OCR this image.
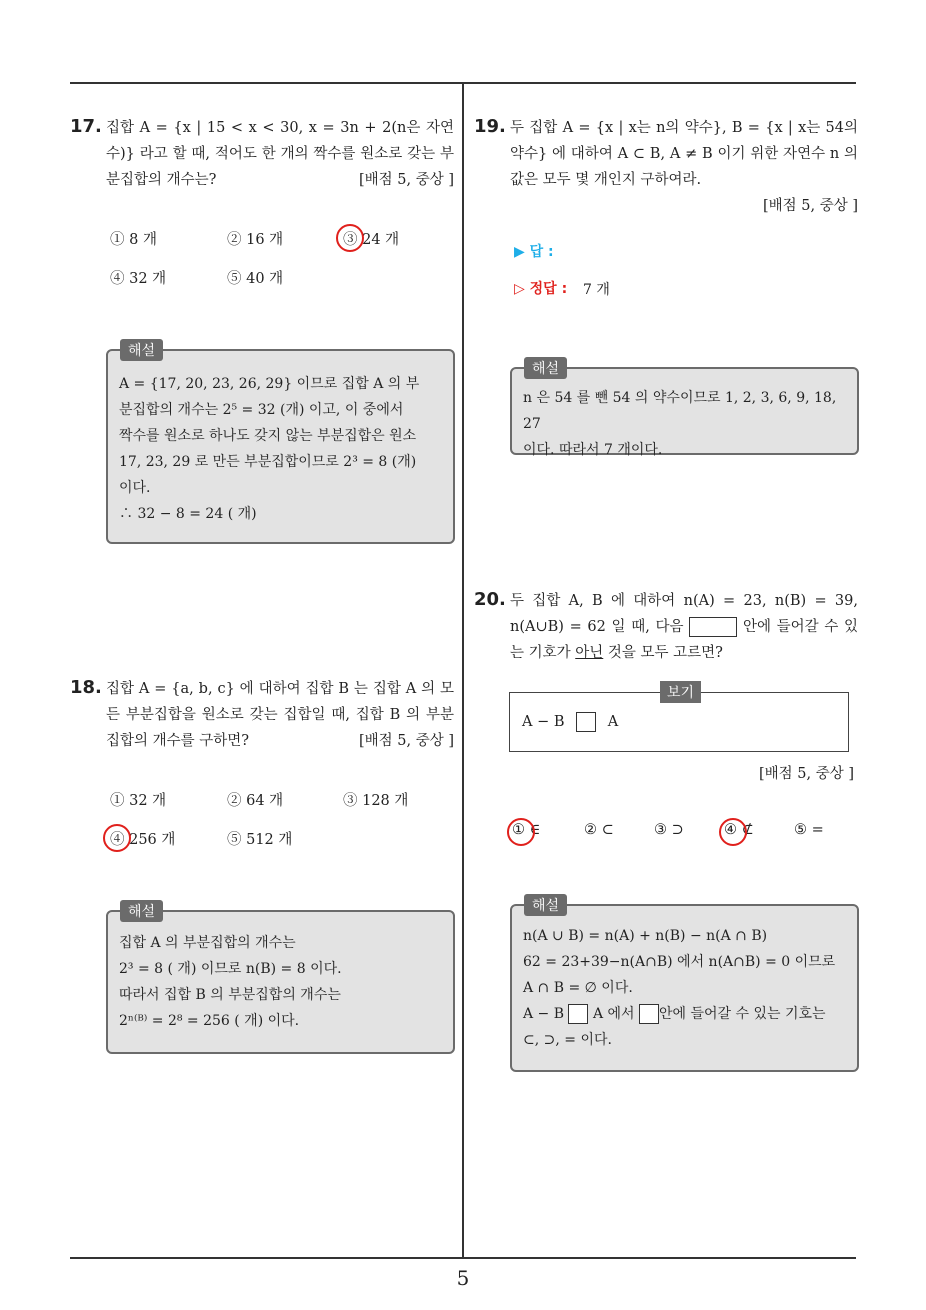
17. 집합 A = {x | 15 < x < 30, x = 3n + 2(n은 자연수)} 라고 할 때, 적어도 한 개의 짝수를 원소로 갖는 부분집합의 개수는?	[배점 5, 중상 ]
① 8 개	② 16 개	③ 24 개
④ 32 개	⑤ 40 개
해설
A = {17, 20, 23, 26, 29} 이므로 집합 A 의 부
분집합의 개수는 2⁵ = 32 (개) 이고, 이 중에서
짝수를 원소로 하나도 갖지 않는 부분집합은 원소
17, 23, 29 로 만든 부분집합이므로 2³ = 8 (개)
이다.
∴ 32 − 8 = 24 ( 개)
18. 집합 A = {a, b, c} 에 대하여 집합 B 는 집합 A 의 모든 부분집합을 원소로 갖는 집합일 때, 집합 B 의 부분집합의 개수를 구하면?	[배점 5, 중상 ]
① 32 개	② 64 개	③ 128 개
④ 256 개	⑤ 512 개
해설
집합 A 의 부분집합의 개수는
2³ = 8 ( 개) 이므로 n(B) = 8 이다.
따라서 집합 B 의 부분집합의 개수는
2ⁿ⁽ᴮ⁾ = 2⁸ = 256 ( 개) 이다.
19. 두 집합 A = {x | x는 n의 약수}, B = {x | x는 54의 약수} 에 대하여 A ⊂ B, A ≠ B 이기 위한 자연수 n 의 값은 모두 몇 개인지 구하여라.
[배점 5, 중상 ]
▶ 답 :
▷ 정답 : 7 개
해설
n 은 54 를 뺀 54 의 약수이므로 1, 2, 3, 6, 9, 18, 27
이다. 따라서 7 개이다.
20. 두 집합 A, B 에 대하여 n(A) = 23, n(B) = 39, n(A∪B) = 62 일 때, 다음	안에 들어갈 수 있는 기호가 아닌 것을 모두 고르면?
보기
A − B	A
[배점 5, 중상 ]
① ∈	② ⊂	③ ⊃	④ ⊄	⑤ =
해설
n(A ∪ B) = n(A) + n(B) − n(A ∩ B)
62 = 23+39−n(A∩B) 에서 n(A∩B) = 0 이므로
A ∩ B = ∅ 이다.
A − B A 에서 안에 들어갈 수 있는 기호는
⊂, ⊃, = 이다.
5
